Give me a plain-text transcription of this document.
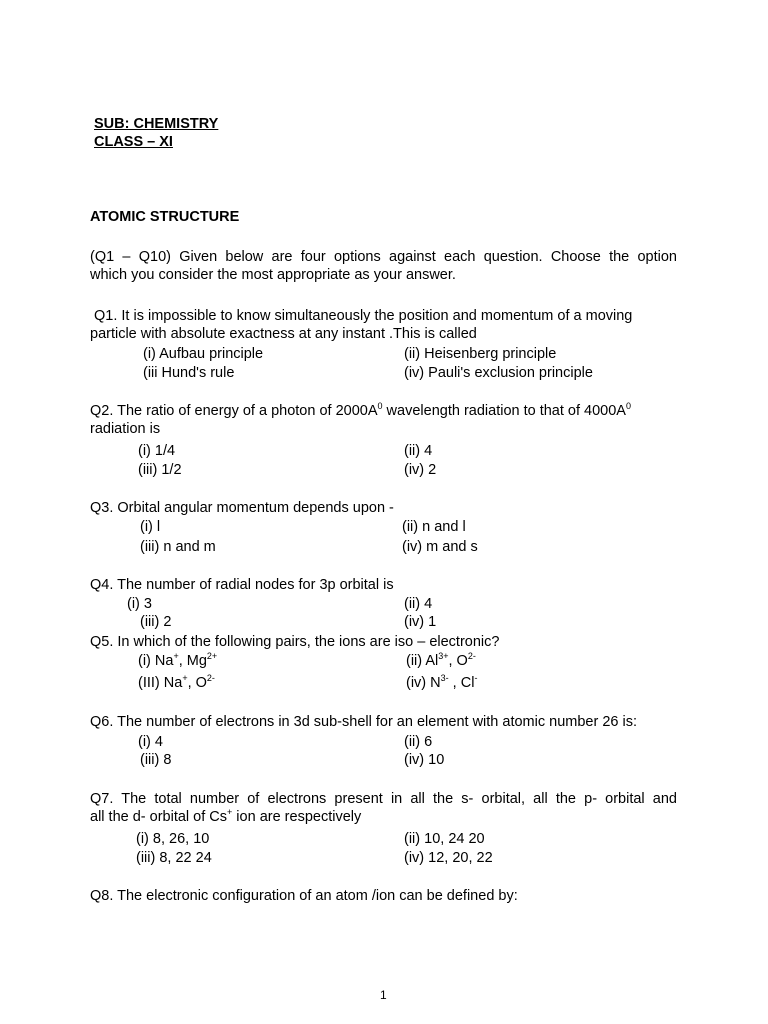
SUB: CHEMISTRY
CLASS – XI
ATOMIC STRUCTURE
(Q1 – Q10) Given below are four options against each question. Choose the option
which you consider the most appropriate as your answer.
Q1. It is impossible to know simultaneously the position and momentum of a moving
particle with absolute exactness at any instant .This is called
(i) Aufbau principle	(ii) Heisenberg principle
(iii Hund's rule	(iv) Pauli's exclusion principle
Q2. The ratio of energy of a photon of $2000A^0$ wavelength radiation to that of $4000A^0$
radiation is
(i) 1/4	(ii) 4
(iii) 1/2	(iv) 2
Q3. Orbital angular momentum depends upon -
(i) l	(ii) n and l
(iii) n and m	(iv) m and s
Q4. The number of radial nodes for 3p orbital is
(i) 3	(ii) 4
(iii) 2	(iv) 1
Q5. In which of the following pairs, the ions are iso – electronic?
(i) Na+, $Mg^{2+}$	(ii) $Al^{3+}$, $O^{2-}$
(III) Na+, $O^{2-}$	(iv) $N^{3-}$ , Cl-
Q6. The number of electrons in 3d sub-shell for an element with atomic number 26 is:
(i) 4	(ii) 6
(iii) 8	(iv) 10
Q7. The total number of electrons present in all the s- orbital, all the p- orbital and
all the d- orbital of Cs+ ion are respectively
(i) 8, 26, 10	(ii) 10, 24 20
(iii) 8, 22 24	(iv) 12, 20, 22
Q8. The electronic configuration of an atom /ion can be defined by:
1
